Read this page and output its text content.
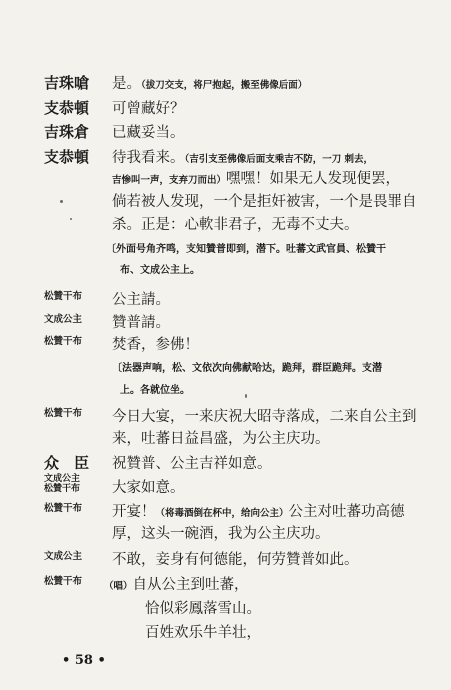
吉珠嗆 是。（拔刀交支，将尸抱起，搬至佛像后面）
支恭頓 可曾藏好？
吉珠倉 已藏妥当。
支恭頓 待我看来。（吉引支至佛像后面支乘吉不防，一刀 刺去，
吉惨叫一声，支弃刀而出）嘿嘿！如果无人发现便罢，
倘若被人发现，一个是拒奸被害，一个是畏罪自
杀。正是：心軟非君子，无毒不丈夫。
〔外面号角齐鸣，支知贊普即到，潜下。吐蕃文武官員、松贊干
布、文成公主上。
松贊干布 公主請。
文成公主 贊普請。
松贊干布 焚香，参佛！
〔法器声响，松、文依次向佛献哈达，跪拜，群臣跪拜。支潜
上。各就位坐。
松贊干布 今日大宴，一来庆祝大昭寺落成，二来自公主到
来，吐蕃日益昌盛，为公主庆功。
众　臣 祝贊普、公主吉祥如意。
文成公主
松贊干布 大家如意。
松贊干布 开宴！（将毒酒倒在杯中，给向公主）公主对吐蕃功高德
厚，这头一碗酒，我为公主庆功。
文成公主 不敢，妾身有何德能，何劳贊普如此。
松贊干布 （唱）自从公主到吐蕃，
恰似彩鳳落雪山。
百姓欢乐牛羊壮，
• 58 •
